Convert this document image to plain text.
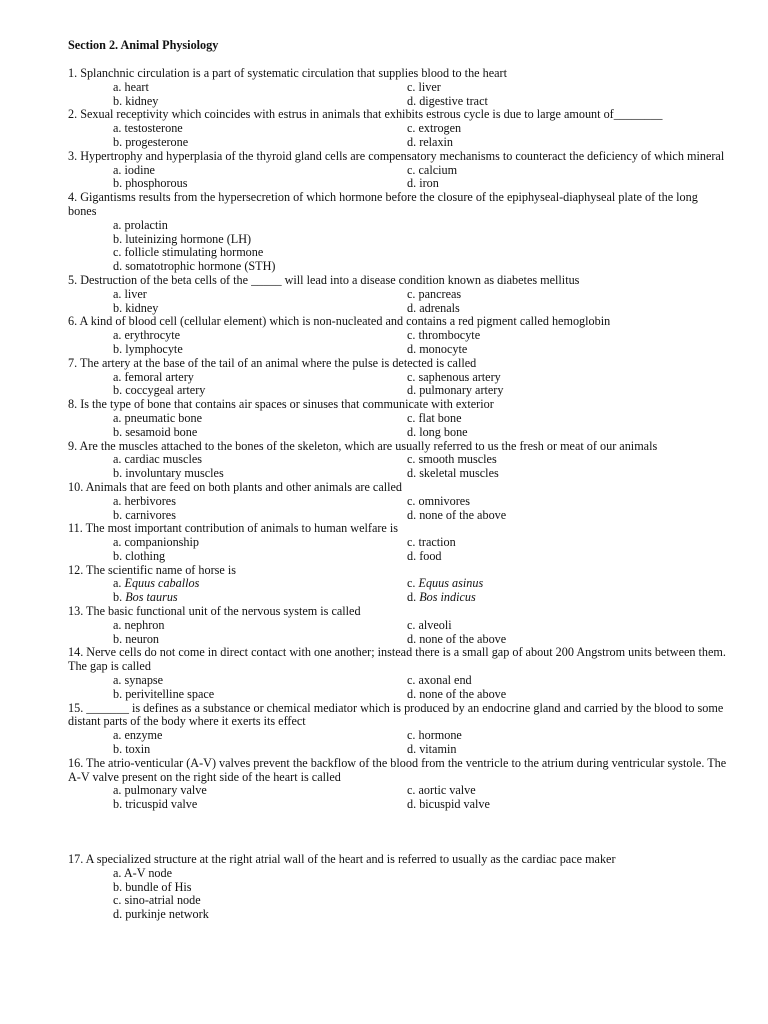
Section 2. Animal Physiology
1. Splanchnic circulation is a part of systematic circulation that supplies blood to the heart
a. heart	c. liver
b. kidney	d. digestive tract
2. Sexual receptivity which coincides with estrus in animals that exhibits estrous cycle is due to large amount of________
a. testosterone	c. extrogen
b. progesterone	d. relaxin
3. Hypertrophy and hyperplasia of the thyroid gland cells are compensatory mechanisms to counteract the deficiency of which mineral
a. iodine	c. calcium
b. phosphorous	d. iron
4. Gigantisms results from the hypersecretion of which hormone before the closure of the epiphyseal-diaphyseal plate of the long bones
a. prolactin
b. luteinizing hormone (LH)
c. follicle stimulating hormone
d. somatotrophic hormone (STH)
5. Destruction of the beta cells of the _____ will lead into a disease condition known as diabetes mellitus
a. liver	c. pancreas
b. kidney	d. adrenals
6. A kind of blood cell (cellular element) which is non-nucleated and contains a red pigment called hemoglobin
a. erythrocyte	c. thrombocyte
b. lymphocyte	d. monocyte
7. The artery at the base of the tail of an animal where the pulse is detected is called
a. femoral artery	c. saphenous artery
b. coccygeal artery	d. pulmonary artery
8. Is the type of bone that contains air spaces or sinuses that communicate with exterior
a. pneumatic bone	c. flat bone
b. sesamoid bone	d. long bone
9. Are the muscles attached to the bones of the skeleton, which are usually referred to us the fresh or meat of our animals
a. cardiac muscles	c. smooth muscles
b. involuntary muscles	d. skeletal muscles
10. Animals that are feed on both plants and other animals are called
a. herbivores	c. omnivores
b. carnivores	d. none of the above
11. The most important contribution of animals to human welfare is
a. companionship	c. traction
b. clothing	d. food
12. The scientific name of horse is
a. Equus caballos	c. Equus asinus
b. Bos taurus	d. Bos indicus
13. The basic functional unit of the nervous system is called
a. nephron	c. alveoli
b. neuron	d. none of the above
14. Nerve cells do not come in direct contact with one another; instead there is a small gap of about 200 Angstrom units between them. The gap is called
a. synapse	c. axonal end
b. perivitelline space	d. none of the above
15. _______ is defines as a substance or chemical mediator which is produced by an endocrine gland and carried by the blood to some distant parts of the body where it exerts its effect
a. enzyme	c. hormone
b. toxin	d. vitamin
16. The atrio-venticular (A-V) valves prevent the backflow of the blood from the ventricle to the atrium during ventricular systole. The A-V valve present on the right side of the heart is called
a. pulmonary valve	c. aortic valve
b. tricuspid valve	d. bicuspid valve
17. A specialized structure at the right atrial wall of the heart and is referred to usually as the cardiac pace maker
a. A-V node
b. bundle of His
c. sino-atrial node
d. purkinje network
